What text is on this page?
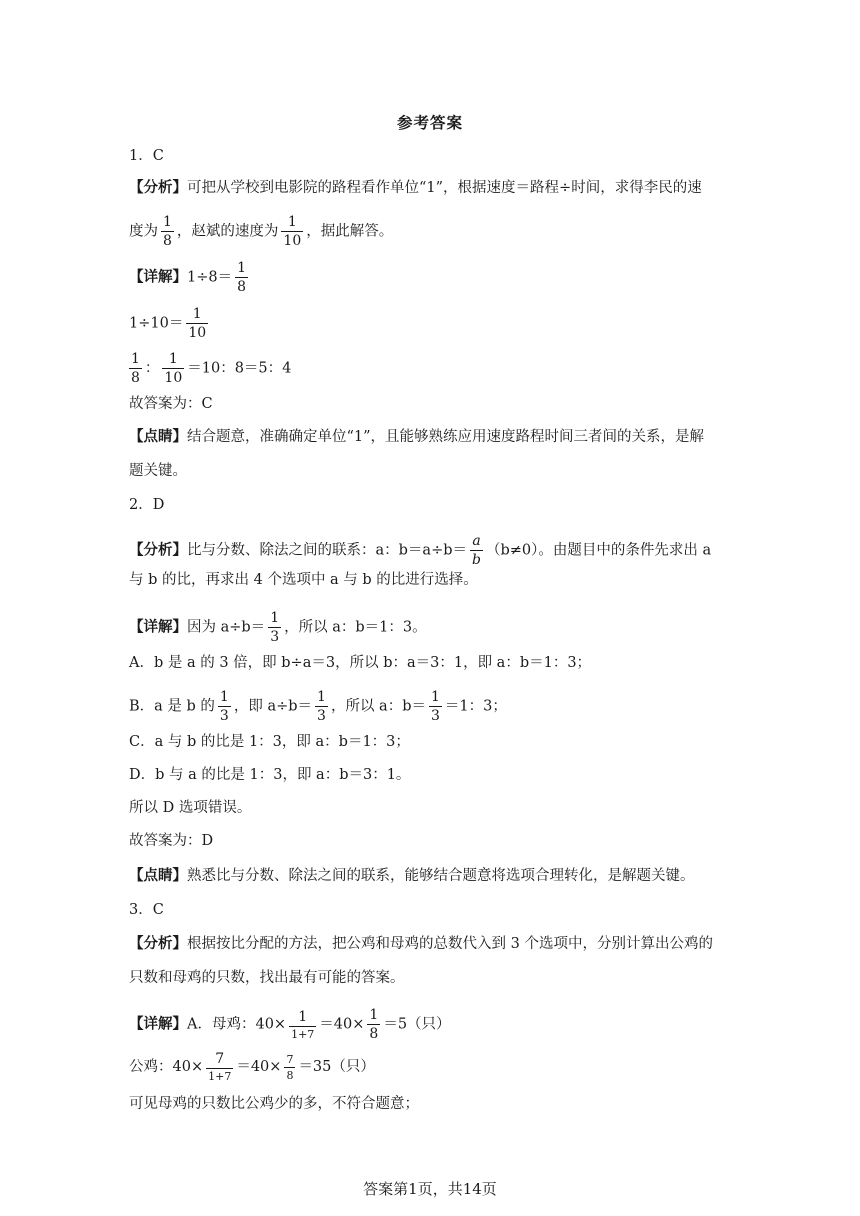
参考答案
1．C
【分析】可把从学校到电影院的路程看作单位“1”，根据速度＝路程÷时间，求得李民的速
度为 $\frac{1}{8}$ ，赵斌的速度为 $\frac{1}{10}$ ，据此解答。
【详解】$1\div 8= \frac{1}{8}$
$1\div 10= \frac{1}{10}$
$\frac{1}{8}$ ： $\frac{1}{10} =10$：8＝5：4
故答案为：C
【点睛】结合题意，准确确定单位“1”，且能够熟练应用速度路程时间三者间的关系，是解
题关键。
2．D
【分析】比与分数、除法之间的联系：a：$b=a\div b= \frac{a}{b} (b\ne 0)$。由题目中的条件先求出 a
与 b 的比，再求出 4 个选项中 a 与 b 的比进行选择。
【详解】因为 $a\div b= \frac{1}{3}$ ，所以 a：b＝1：3。
A．b 是 a 的 3 倍，即 b÷a＝3，所以 b：a＝3：1，即 a：b＝1：3；
B．a 是 b 的 $\frac{1}{3}$ ，即 $a\div b= \frac{1}{3}$ ，所以 a：$b= \frac{1}{3} =1$：3；
C．a 与 b 的比是 1：3，即 a：b＝1：3；
D．b 与 a 的比是 1：3，即 a：b＝3：1。
所以 D 选项错误。
故答案为：D
【点睛】熟悉比与分数、除法之间的联系，能够结合题意将选项合理转化，是解题关键。
3．C
【分析】根据按比分配的方法，把公鸡和母鸡的总数代入到 3 个选项中，分别计算出公鸡的
只数和母鸡的只数，找出最有可能的答案。
【详解】A．母鸡：$40\times \frac{1}{1+7} =40\times \frac{1}{8} =5$（只）
公鸡：$40\times \frac{7}{1+7} =40\times \frac{7}{8} =35$（只）
可见母鸡的只数比公鸡少的多，不符合题意；
答案第1页，共14页
